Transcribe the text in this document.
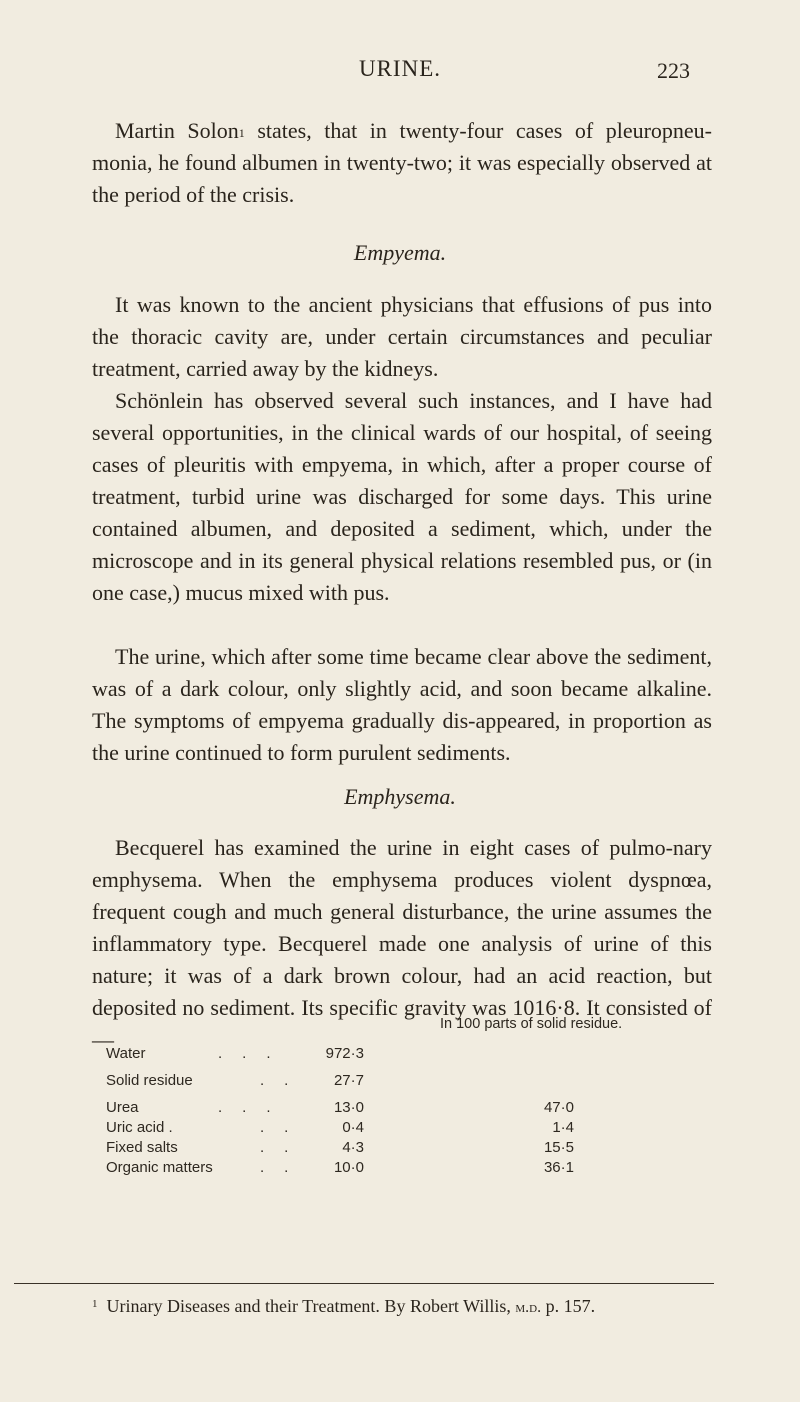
URINE.	223

Martin Solon$^1$ states, that in twenty-four cases of pleuropneu-monia, he found albumen in twenty-two; it was especially observed at the period of the crisis.

Empyema.

It was known to the ancient physicians that effusions of pus into the thoracic cavity are, under certain circumstances and peculiar treatment, carried away by the kidneys.

Schönlein has observed several such instances, and I have had several opportunities, in the clinical wards of our hospital, of seeing cases of pleuritis with empyema, in which, after a proper course of treatment, turbid urine was discharged for some days. This urine contained albumen, and deposited a sediment, which, under the microscope and in its general physical relations resembled pus, or (in one case,) mucus mixed with pus.

The urine, which after some time became clear above the sediment, was of a dark colour, only slightly acid, and soon became alkaline. The symptoms of empyema gradually dis-appeared, in proportion as the urine continued to form purulent sediments.

Emphysema.

Becquerel has examined the urine in eight cases of pulmo-nary emphysema. When the emphysema produces violent dyspnœa, frequent cough and much general disturbance, the urine assumes the inflammatory type. Becquerel made one analysis of urine of this nature; it was of a dark brown colour, had an acid reaction, but deposited no sediment. Its specific gravity was 1016·8. It consisted of—

In 100 parts of solid residue.
Water	...	972·3
Solid residue	..	27·7
Urea	...	13·0	47·0
Uric acid .	..	0·4	1·4
Fixed salts	..	4·3	15·5
Organic matters	..	10·0	36·1
$^1$ Urinary Diseases and their Treatment. By Robert Willis, m.d. p. 157.
